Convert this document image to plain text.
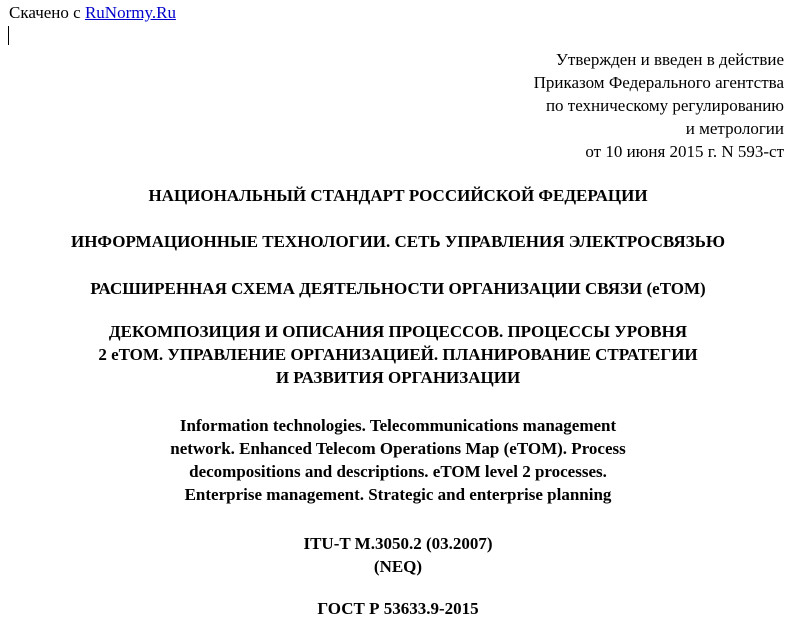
Скачено с RuNormy.Ru
Утвержден и введен в действие
Приказом Федерального агентства
по техническому регулированию
и метрологии
от 10 июня 2015 г. N 593-ст
НАЦИОНАЛЬНЫЙ СТАНДАРТ РОССИЙСКОЙ ФЕДЕРАЦИИ
ИНФОРМАЦИОННЫЕ ТЕХНОЛОГИИ. СЕТЬ УПРАВЛЕНИЯ ЭЛЕКТРОСВЯЗЬЮ
РАСШИРЕННАЯ СХЕМА ДЕЯТЕЛЬНОСТИ ОРГАНИЗАЦИИ СВЯЗИ (eTOM)
ДЕКОМПОЗИЦИЯ И ОПИСАНИЯ ПРОЦЕССОВ. ПРОЦЕССЫ УРОВНЯ
2 eTOM. УПРАВЛЕНИЕ ОРГАНИЗАЦИЕЙ. ПЛАНИРОВАНИЕ СТРАТЕГИИ
И РАЗВИТИЯ ОРГАНИЗАЦИИ
Information technologies. Telecommunications management
network. Enhanced Telecom Operations Map (eTOM). Process
decompositions and descriptions. eTOM level 2 processes.
Enterprise management. Strategic and enterprise planning
ITU-T M.3050.2 (03.2007)
(NEQ)
ГОСТ Р 53633.9-2015
